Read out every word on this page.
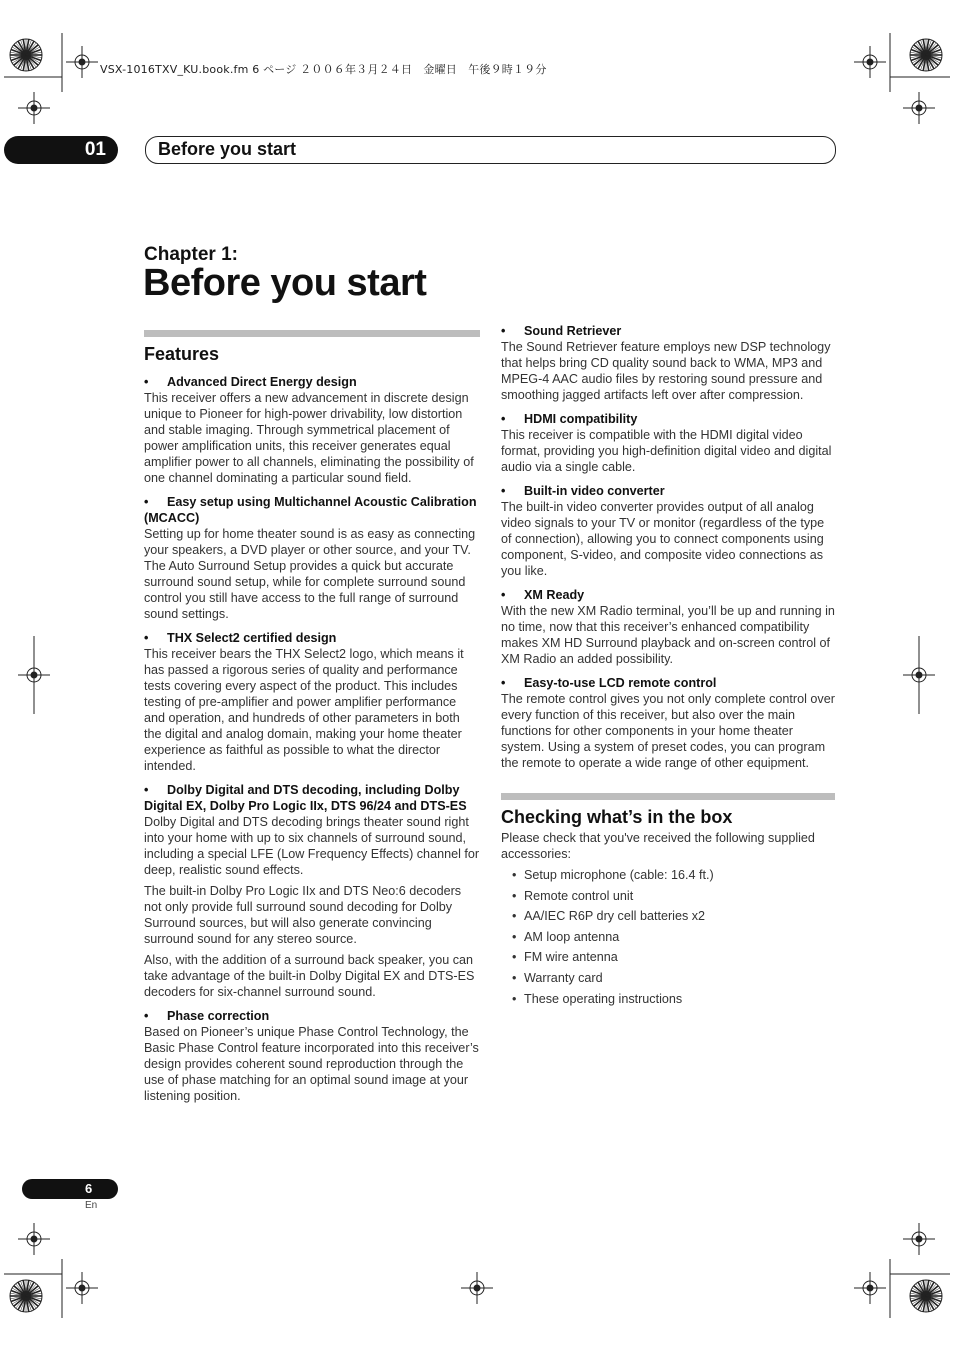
VSX-1016TXV_KU.book.fm 6 ページ ２００６年３月２４日　金曜日　午後９時１９分
01	Before you start
Chapter 1:
Before you start
Features
• Advanced Direct Energy design

This receiver offers a new advancement in discrete design unique to Pioneer for high-power drivability, low distortion and stable imaging. Through symmetrical placement of power amplification units, this receiver generates equal amplifier power to all channels, eliminating the possibility of one channel dominating a particular sound field.

• Easy setup using Multichannel Acoustic Calibration (MCACC)

Setting up for home theater sound is as easy as connecting your speakers, a DVD player or other source, and your TV. The Auto Surround Setup provides a quick but accurate surround sound setup, while for complete surround sound control you still have access to the full range of surround sound settings.

• THX Select2 certified design

This receiver bears the THX Select2 logo, which means it has passed a rigorous series of quality and performance tests covering every aspect of the product. This includes testing of pre-amplifier and power amplifier performance and operation, and hundreds of other parameters in both the digital and analog domain, making your home theater experience as faithful as possible to what the director intended.

• Dolby Digital and DTS decoding, including Dolby Digital EX, Dolby Pro Logic IIx, DTS 96/24 and DTS-ES

Dolby Digital and DTS decoding brings theater sound right into your home with up to six channels of surround sound, including a special LFE (Low Frequency Effects) channel for deep, realistic sound effects.

The built-in Dolby Pro Logic IIx and DTS Neo:6 decoders not only provide full surround sound decoding for Dolby Surround sources, but will also generate convincing surround sound for any stereo source.

Also, with the addition of a surround back speaker, you can take advantage of the built-in Dolby Digital EX and DTS-ES decoders for six-channel surround sound.

• Phase correction

Based on Pioneer’s unique Phase Control Technology, the Basic Phase Control feature incorporated into this receiver’s design provides coherent sound reproduction through the use of phase matching for an optimal sound image at your listening position.

• Sound Retriever

The Sound Retriever feature employs new DSP technology that helps bring CD quality sound back to WMA, MP3 and MPEG-4 AAC audio files by restoring sound pressure and smoothing jagged artifacts left over after compression.

• HDMI compatibility

This receiver is compatible with the HDMI digital video format, providing you high-definition digital video and digital audio via a single cable.

• Built-in video converter

The built-in video converter provides output of all analog video signals to your TV or monitor (regardless of the type of connection), allowing you to connect components using component, S-video, and composite video connections as you like.

• XM Ready

With the new XM Radio terminal, you’ll be up and running in no time, now that this receiver’s enhanced compatibility makes XM HD Surround playback and on-screen control of XM Radio an added possibility.

• Easy-to-use LCD remote control

The remote control gives you not only complete control over every function of this receiver, but also over the main functions for other components in your home theater system. Using a system of preset codes, you can program the remote to operate a wide range of other equipment.

Checking what’s in the box

Please check that you've received the following supplied accessories:

• Setup microphone (cable: 16.4 ft.)
• Remote control unit
• AA/IEC R6P dry cell batteries x2
• AM loop antenna
• FM wire antenna
• Warranty card
• These operating instructions
6
En
